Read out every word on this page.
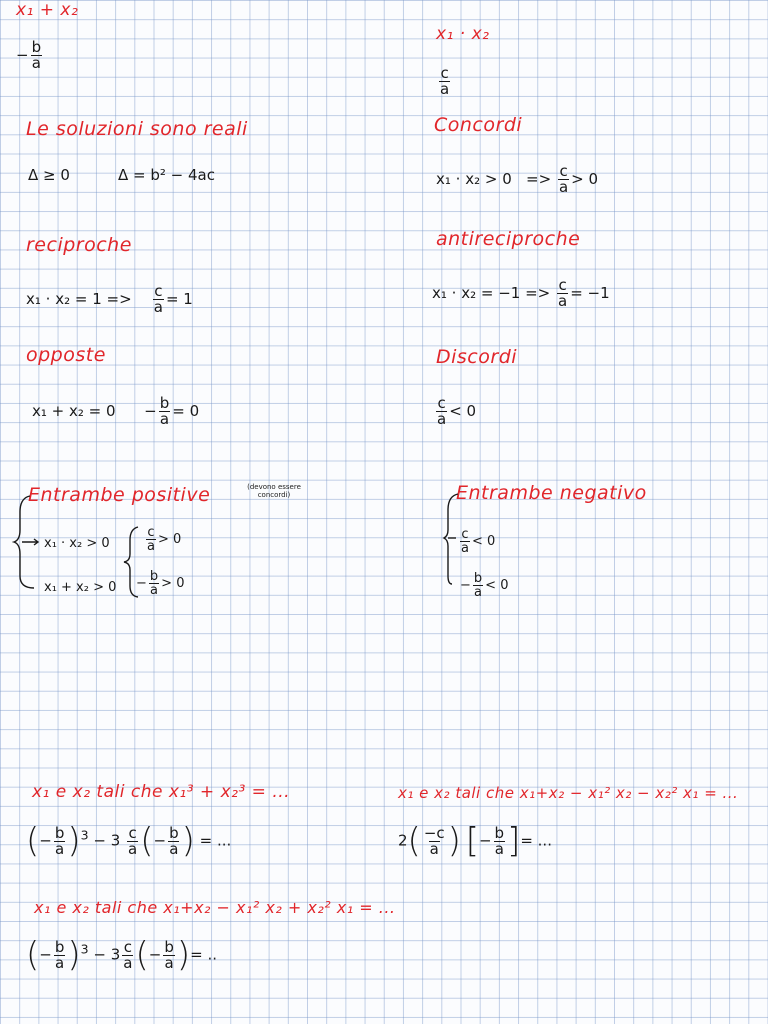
x₁ + x₂
− $\frac{b}{a}$
x₁ · x₂
$\frac{c}{a}$
Le soluzioni sono reali
Δ ≥ 0	Δ = b² − 4ac
Concordi
$x_1 \cdot x_2 > 0 => \frac{c}{a} > 0$
reciproche
$x_1 \cdot x_2 = 1 => \frac{c}{a} = 1$
antireciproche
$x_1 \cdot x_2 = -1 => \frac{c}{a} = -1$
opposte
$x_1 + x_2 = 0 - \frac{b}{a} = 0$
Discordi
$\frac{c}{a} < 0$
Entrambe positive	(devono essere
concordi)
x₁ · x₂ > 0
x₁ + x₂ > 0
$\frac{c}{a} > 0$
− $\frac{b}{a} > 0$
Entrambe negativo
$\frac{c}{a} < 0$
− $\frac{b}{a} < 0$
x₁ e x₂ tali che x₁³ + x₂³ = ...
(− $\frac{b}{a} )^3 - 3 \frac{c}{a}$ (− $\frac{b}{a}$ ) = ...
x₁ e x₂ tali che x₁+x₂ − x₁² x₂ − x₂² x₁ = ...
$2( \frac{-c}{a}$ ) [− $\frac{b}{a}$ ]= ...
x₁ e x₂ tali che x₁+x₂ − x₁² x₂ + x₂² x₁ = ...
(− $\frac{b}{a} )^3 - 3 \frac{c}{a}$ (− $\frac{b}{a}$ )= ..
